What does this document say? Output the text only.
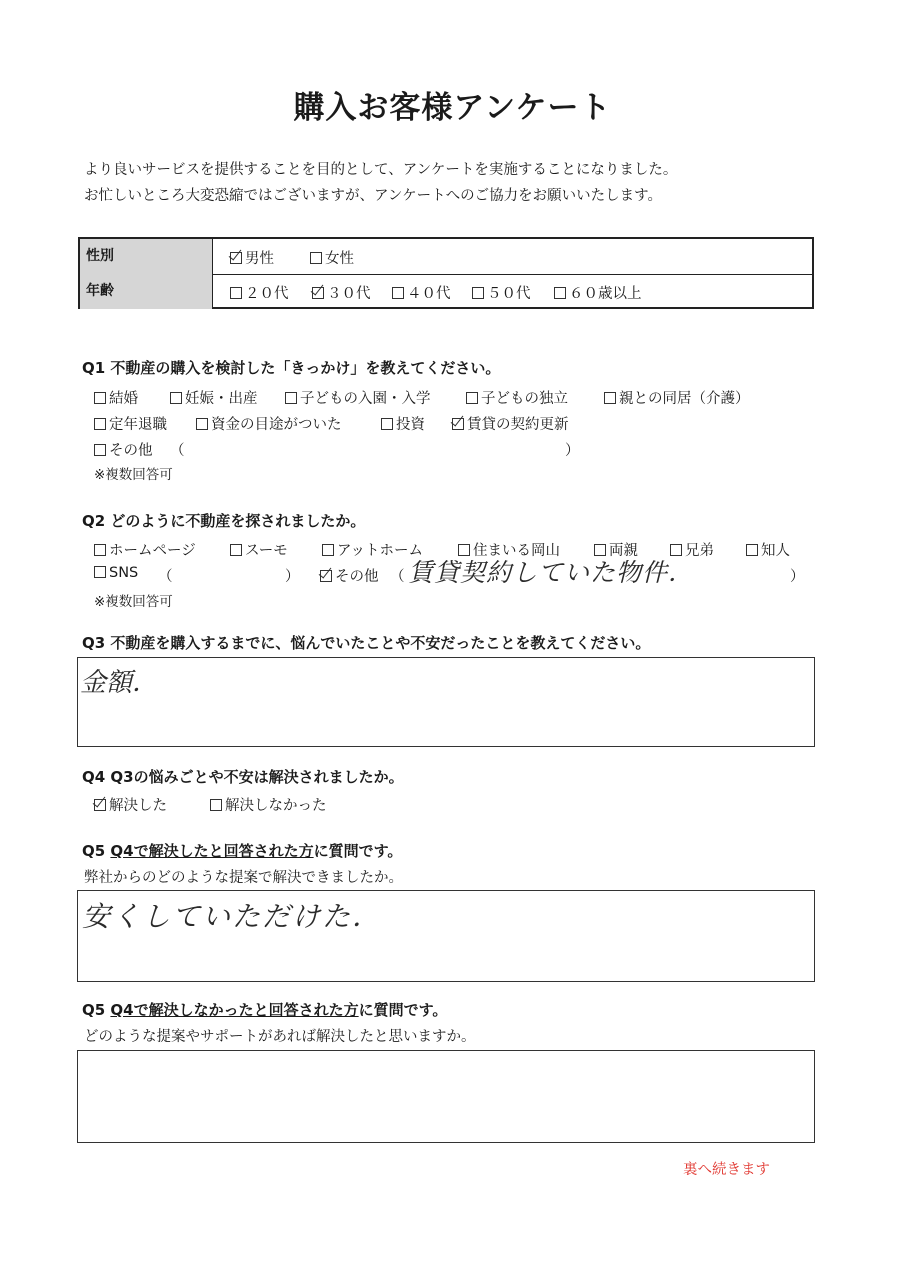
購入お客様アンケート
より良いサービスを提供することを目的として、アンケートを実施することになりました。
お忙しいところ大変恐縮ではございますが、アンケートへのご協力をお願いいたします。
性別	男性	女性
年齢	２０代	３０代	４０代	５０代	６０歳以上
Q1 不動産の購入を検討した「きっかけ」を教えてください。
結婚	妊娠・出産	子どもの入園・入学	子どもの独立	親との同居（介護）
定年退職	資金の目途がついた	投資	賃貸の契約更新
その他 （	）
※複数回答可
Q2 どのように不動産を探されましたか。
ホームページ	スーモ	アットホーム	住まいる岡山	両親	兄弟	知人
SNS （	）	その他 （ 賃貸契約していた物件．	）
※複数回答可
Q3 不動産を購入するまでに、悩んでいたことや不安だったことを教えてください。
金額．
Q4 Q3の悩みごとや不安は解決されましたか。
解決した	解決しなかった
Q5 Q4で解決したと回答された方に質問です。
弊社からのどのような提案で解決できましたか。
安くしていただけた．
Q5 Q4で解決しなかったと回答された方に質問です。
どのような提案やサポートがあれば解決したと思いますか。
裏へ続きます
